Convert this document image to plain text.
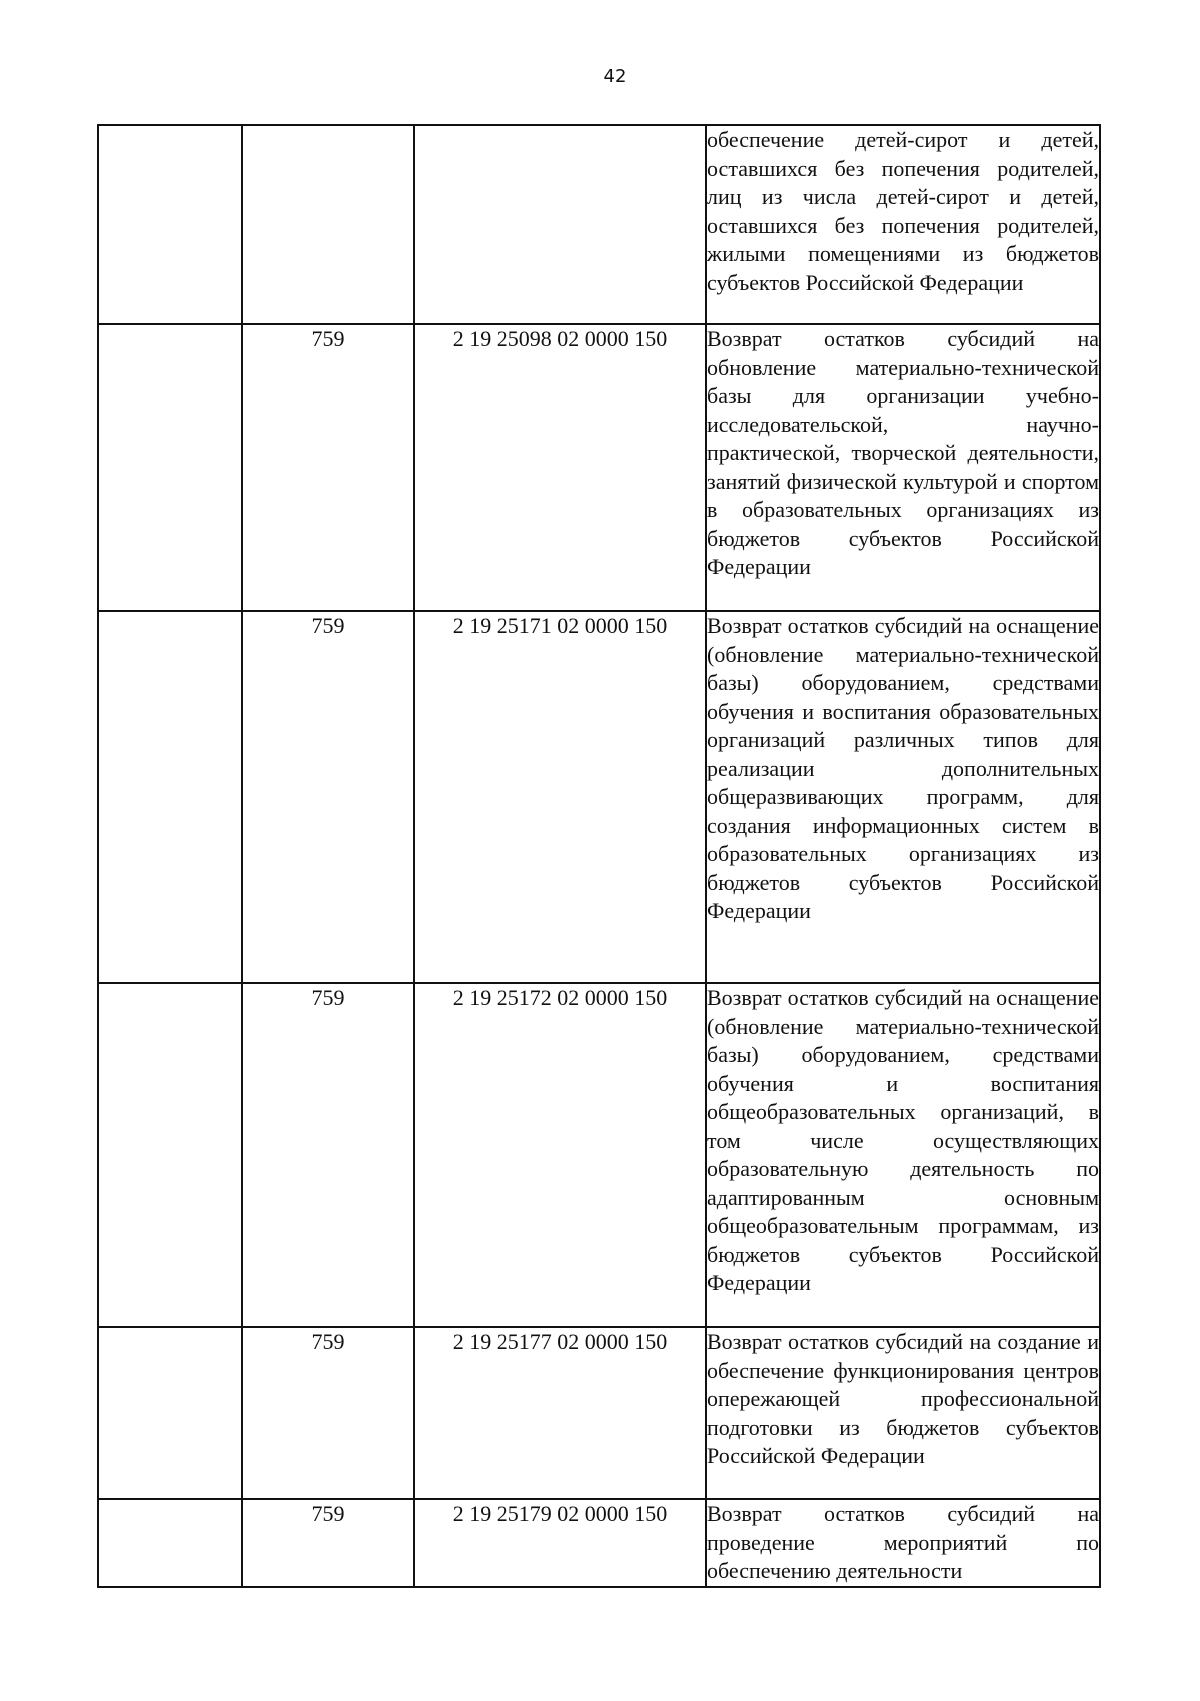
42
			обеспечение детей-сирот и детей, оставшихся без попечения родителей, лиц из числа детей-сирот и детей, оставшихся без попечения родителей, жилыми помещениями из бюджетов субъектов Российской Федерации
	759	2 19 25098 02 0000 150	Возврат остатков субсидий на обновление материально-технической базы для организации учебно-исследовательской, научно-практической, творческой деятельности, занятий физической культурой и спортом в образовательных организациях из бюджетов субъектов Российской Федерации
	759	2 19 25171 02 0000 150	Возврат остатков субсидий на оснащение (обновление материально-технической базы) оборудованием, средствами обучения и воспитания образовательных организаций различных типов для реализации дополнительных общеразвивающих программ, для создания информационных систем в образовательных организациях из бюджетов субъектов Российской Федерации
	759	2 19 25172 02 0000 150	Возврат остатков субсидий на оснащение (обновление материально-технической базы) оборудованием, средствами обучения и воспитания общеобразовательных организаций, в том числе осуществляющих образовательную деятельность по адаптированным основным общеобразовательным программам, из бюджетов субъектов Российской Федерации
	759	2 19 25177 02 0000 150	Возврат остатков субсидий на создание и обеспечение функционирования центров опережающей профессиональной подготовки из бюджетов субъектов Российской Федерации
	759	2 19 25179 02 0000 150	Возврат остатков субсидий на проведение мероприятий по обеспечению деятельности
